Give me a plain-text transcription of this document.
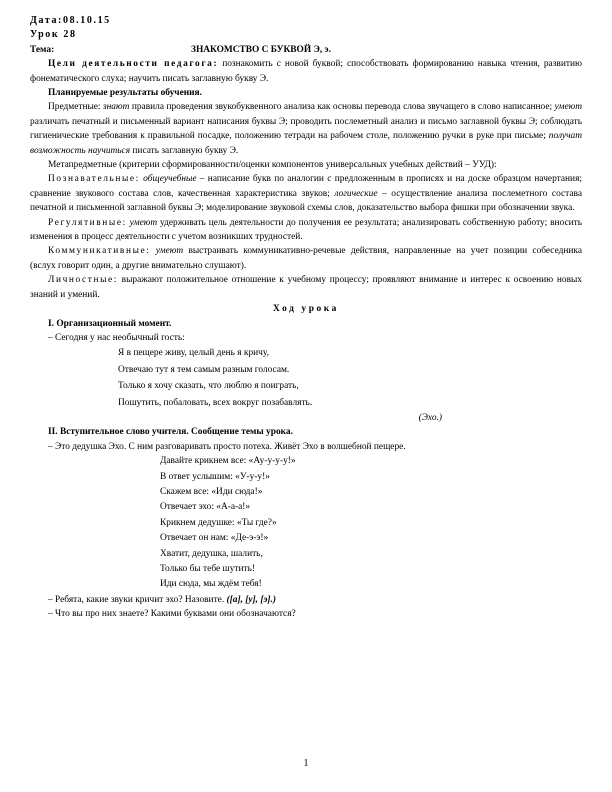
Дата:08.10.15

Урок 28

Тема:	ЗНАКОМСТВО С БУКВОЙ Э, э.

Цели деятельности педагога: познакомить с новой буквой; способствовать формированию навыка чтения, развитию фонематического слуха; научить писать заглавную букву Э.

Планируемые результаты обучения.

Предметные: знают правила проведения звукобуквенного анализа как основы перевода слова звучащего в слово написанное; умеют различать печатный и письменный вариант написания буквы Э; проводить послеметный анализ и письмо заглавной буквы Э; соблюдать гигиенические требования к правильной посадке, положению тетради на рабочем столе, положению ручки в руке при письме; получат возможность научиться писать заглавную букву Э.

Метапредметные (критерии сформированности/оценки компонентов универсальных учебных действий – УУД):

Познавательные: общеучебные – написание букв по аналогии с предложенным в прописях и на доске образцом начертания; сравнение звукового состава слов, качественная характеристика звуков; логические – осуществление анализа послеметного состава печатной и письменной заглавной буквы Э; моделирование звуковой схемы слов, доказательство выбора фишки при обозначении звука.

Регулятивные: умеют удерживать цель деятельности до получения ее результата; анализировать собственную работу; вносить изменения в процесс деятельности с учетом возникших трудностей.

Коммуникативные: умеют выстраивать коммуникативно-речевые действия, направленные на учет позиции собеседника (вслух говорит один, а другие внимательно слушают).

Личностные: выражают положительное отношение к учебному процессу; проявляют внимание и интерес к освоению новых знаний и умений.

Ход урока

I. Организационный момент.

– Сегодня у нас необычный гость:

Я в пещере живу, целый день я кричу,

Отвечаю тут я тем самым разным голосам.

Только я хочу сказать, что люблю я поиграть,

Пошутить, побаловать, всех вокруг позабавлять.

(Эхо.)

II. Вступительное слово учителя. Сообщение темы урока.

– Это дедушка Эхо. С ним разговаривать просто потеха. Живёт Эхо в волшебной пещере.

Давайте крикнем все: «Ау-у-у-у!»

В ответ услышим: «У-у-у!»

Скажем все: «Иди сюда!»

Отвечает эхо: «А-а-а!»

Крикнем дедушке: «Ты где?»

Отвечает он нам: «Де-э-э!»

Хватит, дедушка, шалить,

Только бы тебе шутить!

Иди сюда, мы ждём тебя!

– Ребята, какие звуки кричит эхо? Назовите. ([а], [у], [э].)

– Что вы про них знаете? Какими буквами они обозначаются?

1
